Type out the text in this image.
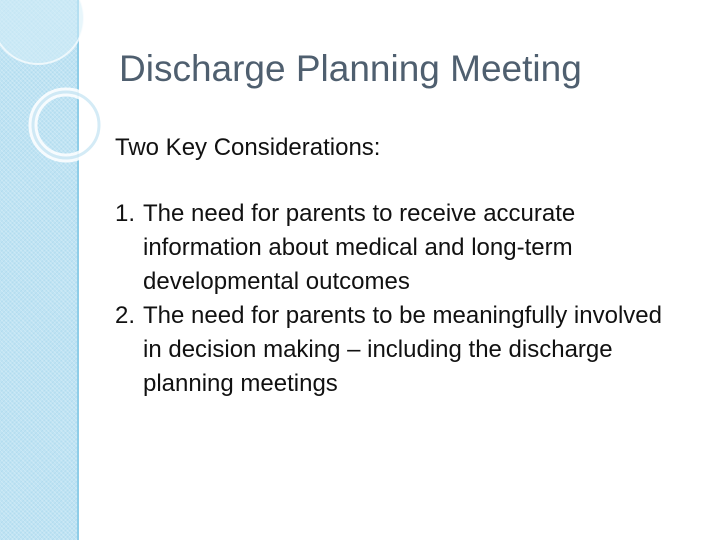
Discharge Planning Meeting
Two Key Considerations:
1. The need for parents to receive accurate information about medical and long-term developmental outcomes
2. The need for parents to be meaningfully involved in decision making – including the discharge planning meetings
